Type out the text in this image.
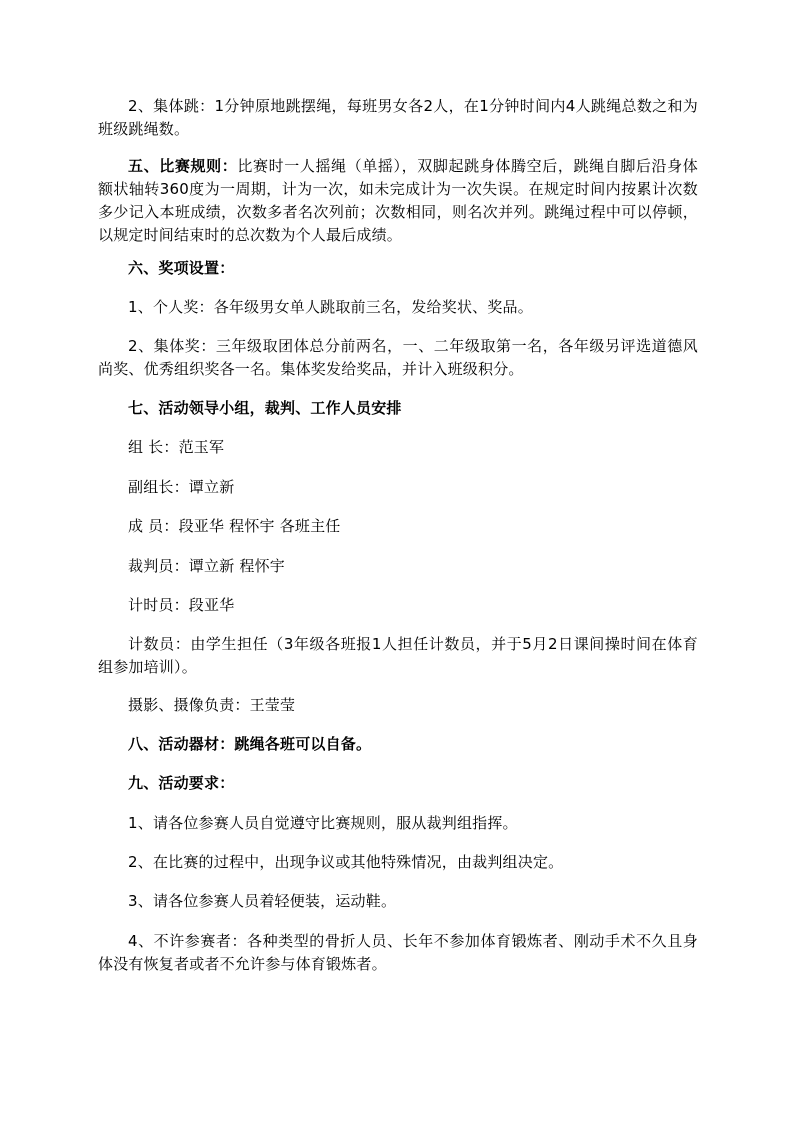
2、集体跳：1分钟原地跳摆绳，每班男女各2人，在1分钟时间内4人跳绳总数之和为班级跳绳数。

五、比赛规则：比赛时一人摇绳（单摇），双脚起跳身体腾空后，跳绳自脚后沿身体额状轴转360度为一周期，计为一次，如未完成计为一次失误。在规定时间内按累计次数多少记入本班成绩，次数多者名次列前；次数相同，则名次并列。跳绳过程中可以停顿，以规定时间结束时的总次数为个人最后成绩。

六、奖项设置：

1、个人奖：各年级男女单人跳取前三名，发给奖状、奖品。

2、集体奖：三年级取团体总分前两名，一、二年级取第一名，各年级另评选道德风尚奖、优秀组织奖各一名。集体奖发给奖品，并计入班级积分。

七、活动领导小组，裁判、工作人员安排

组 长：范玉军

副组长：谭立新

成 员：段亚华 程怀宇 各班主任

裁判员：谭立新 程怀宇

计时员：段亚华

计数员：由学生担任（3年级各班报1人担任计数员，并于5月2日课间操时间在体育组参加培训）。

摄影、摄像负责：王莹莹

八、活动器材：跳绳各班可以自备。

九、活动要求：

1、请各位参赛人员自觉遵守比赛规则，服从裁判组指挥。

2、在比赛的过程中，出现争议或其他特殊情况，由裁判组决定。

3、请各位参赛人员着轻便装，运动鞋。

4、不许参赛者：各种类型的骨折人员、长年不参加体育锻炼者、刚动手术不久且身体没有恢复者或者不允许参与体育锻炼者。
